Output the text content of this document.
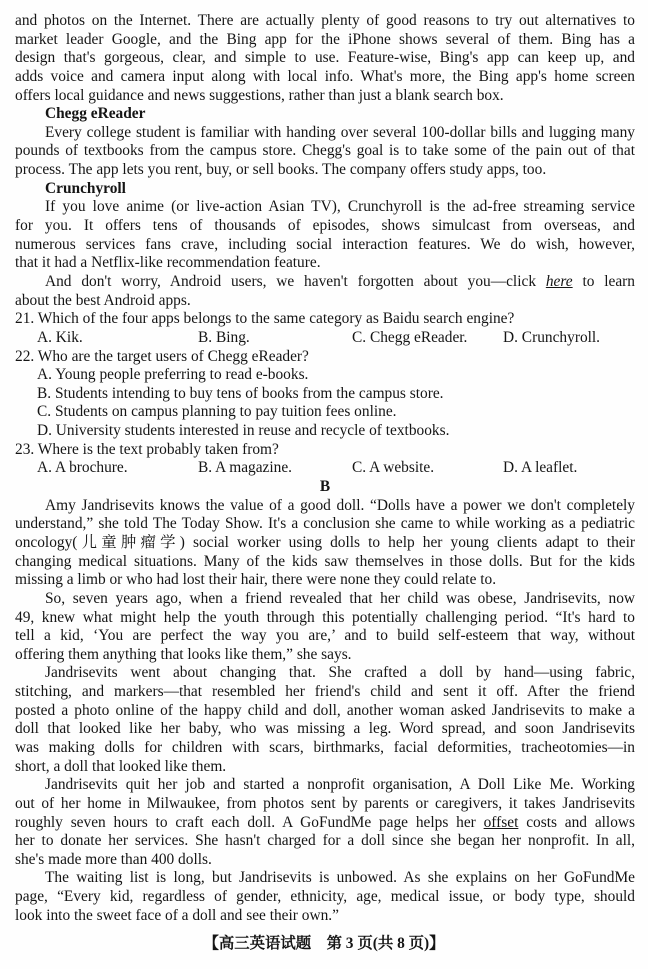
and photos on the Internet. There are actually plenty of good reasons to try out alternatives to
market leader Google, and the Bing app for the iPhone shows several of them. Bing has a
design that's gorgeous, clear, and simple to use. Feature-wise, Bing's app can keep up, and
adds voice and camera input along with local info. What's more, the Bing app's home screen
offers local guidance and news suggestions, rather than just a blank search box.
Chegg eReader
Every college student is familiar with handing over several 100-dollar bills and lugging many
pounds of textbooks from the campus store. Chegg's goal is to take some of the pain out of that
process. The app lets you rent, buy, or sell books. The company offers study apps, too.
Crunchyroll
If you love anime (or live-action Asian TV), Crunchyroll is the ad-free streaming service
for you. It offers tens of thousands of episodes, shows simulcast from overseas, and
numerous services fans crave, including social interaction features. We do wish, however,
that it had a Netflix-like recommendation feature.
And don't worry, Android users, we haven't forgotten about you—click here to learn
about the best Android apps.
21. Which of the four apps belongs to the same category as Baidu search engine?
A. Kik.	B. Bing.	C. Chegg eReader. D. Crunchyroll.
22. Who are the target users of Chegg eReader?
A. Young people preferring to read e-books.
B. Students intending to buy tens of books from the campus store.
C. Students on campus planning to pay tuition fees online.
D. University students interested in reuse and recycle of textbooks.
23. Where is the text probably taken from?
A. A brochure.	B. A magazine.	C. A website.	D. A leaflet.
B
Amy Jandrisevits knows the value of a good doll. “Dolls have a power we don't completely
understand,” she told The Today Show. It's a conclusion she came to while working as a pediatric
oncology(儿童肿瘤学) social worker using dolls to help her young clients adapt to their
changing medical situations. Many of the kids saw themselves in those dolls. But for the kids
missing a limb or who had lost their hair, there were none they could relate to.
So, seven years ago, when a friend revealed that her child was obese, Jandrisevits, now
49, knew what might help the youth through this potentially challenging period. “It's hard to
tell a kid, ‘You are perfect the way you are,’ and to build self-esteem that way, without
offering them anything that looks like them,” she says.
Jandrisevits went about changing that. She crafted a doll by hand—using fabric,
stitching, and markers—that resembled her friend's child and sent it off. After the friend
posted a photo online of the happy child and doll, another woman asked Jandrisevits to make a
doll that looked like her baby, who was missing a leg. Word spread, and soon Jandrisevits
was making dolls for children with scars, birthmarks, facial deformities, tracheotomies—in
short, a doll that looked like them.
Jandrisevits quit her job and started a nonprofit organisation, A Doll Like Me. Working
out of her home in Milwaukee, from photos sent by parents or caregivers, it takes Jandrisevits
roughly seven hours to craft each doll. A GoFundMe page helps her offset costs and allows
her to donate her services. She hasn't charged for a doll since she began her nonprofit. In all,
she's made more than 400 dolls.
The waiting list is long, but Jandrisevits is unbowed. As she explains on her GoFundMe
page, “Every kid, regardless of gender, ethnicity, age, medical issue, or body type, should
look into the sweet face of a doll and see their own.”
【高三英语试题　第 3 页(共 8 页)】
